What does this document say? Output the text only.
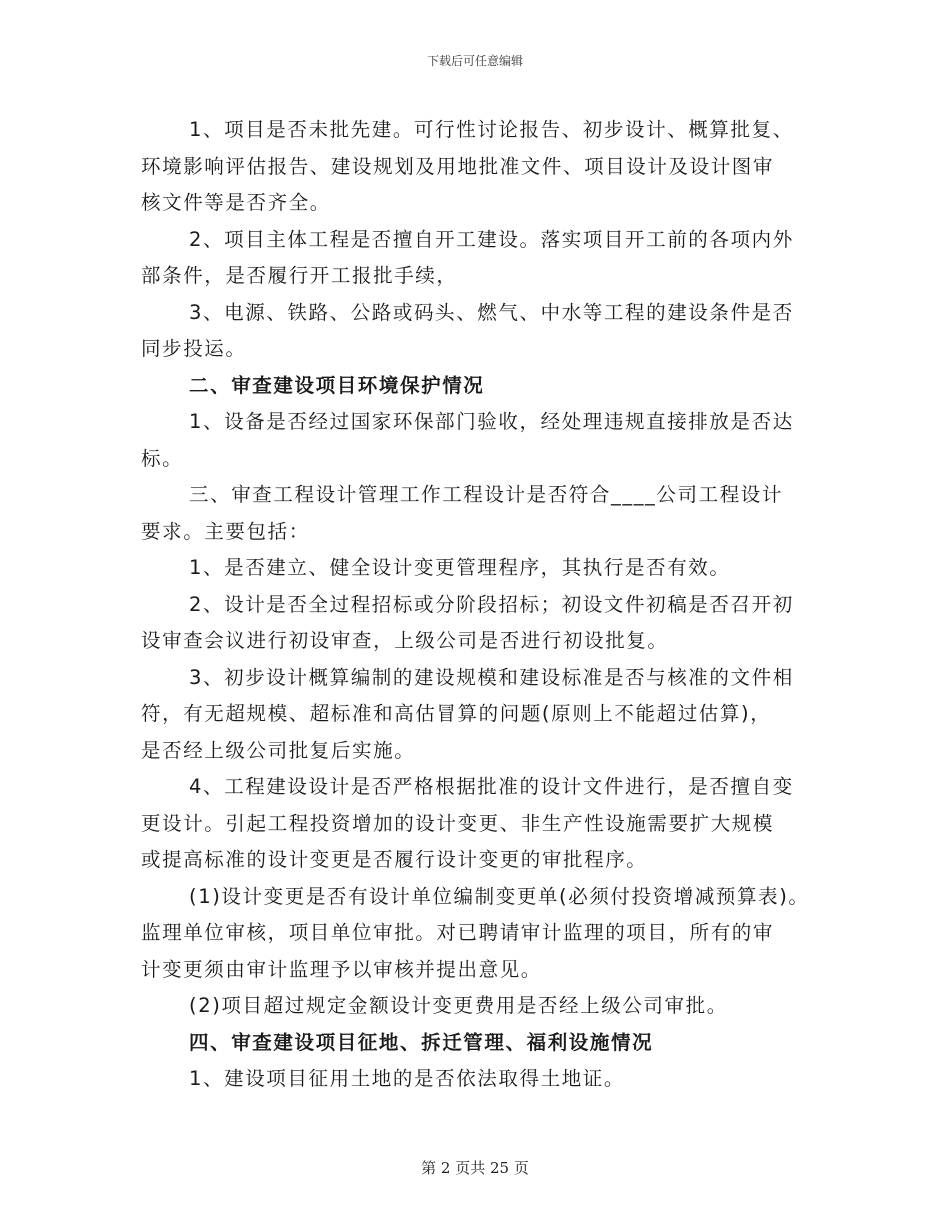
下载后可任意编辑
1、项目是否未批先建。可行性讨论报告、初步设计、概算批复、
环境影响评估报告、建设规划及用地批准文件、项目设计及设计图审
核文件等是否齐全。
2、项目主体工程是否擅自开工建设。落实项目开工前的各项内外
部条件，是否履行开工报批手续，
3、电源、铁路、公路或码头、燃气、中水等工程的建设条件是否
同步投运。
二、审查建设项目环境保护情况
1、设备是否经过国家环保部门验收，经处理违规直接排放是否达
标。
三、审查工程设计管理工作工程设计是否符合____公司工程设计
要求。主要包括：
1、是否建立、健全设计变更管理程序，其执行是否有效。
2、设计是否全过程招标或分阶段招标；初设文件初稿是否召开初
设审查会议进行初设审查，上级公司是否进行初设批复。
3、初步设计概算编制的建设规模和建设标准是否与核准的文件相
符，有无超规模、超标准和高估冒算的问题(原则上不能超过估算)，
是否经上级公司批复后实施。
4、工程建设设计是否严格根据批准的设计文件进行，是否擅自变
更设计。引起工程投资增加的设计变更、非生产性设施需要扩大规模
或提高标准的设计变更是否履行设计变更的审批程序。
(1)设计变更是否有设计单位编制变更单(必须付投资增减预算表)。
监理单位审核，项目单位审批。对已聘请审计监理的项目，所有的审
计变更须由审计监理予以审核并提出意见。
(2)项目超过规定金额设计变更费用是否经上级公司审批。
四、审查建设项目征地、拆迁管理、福利设施情况
1、建设项目征用土地的是否依法取得土地证。
第 2 页共 25 页
